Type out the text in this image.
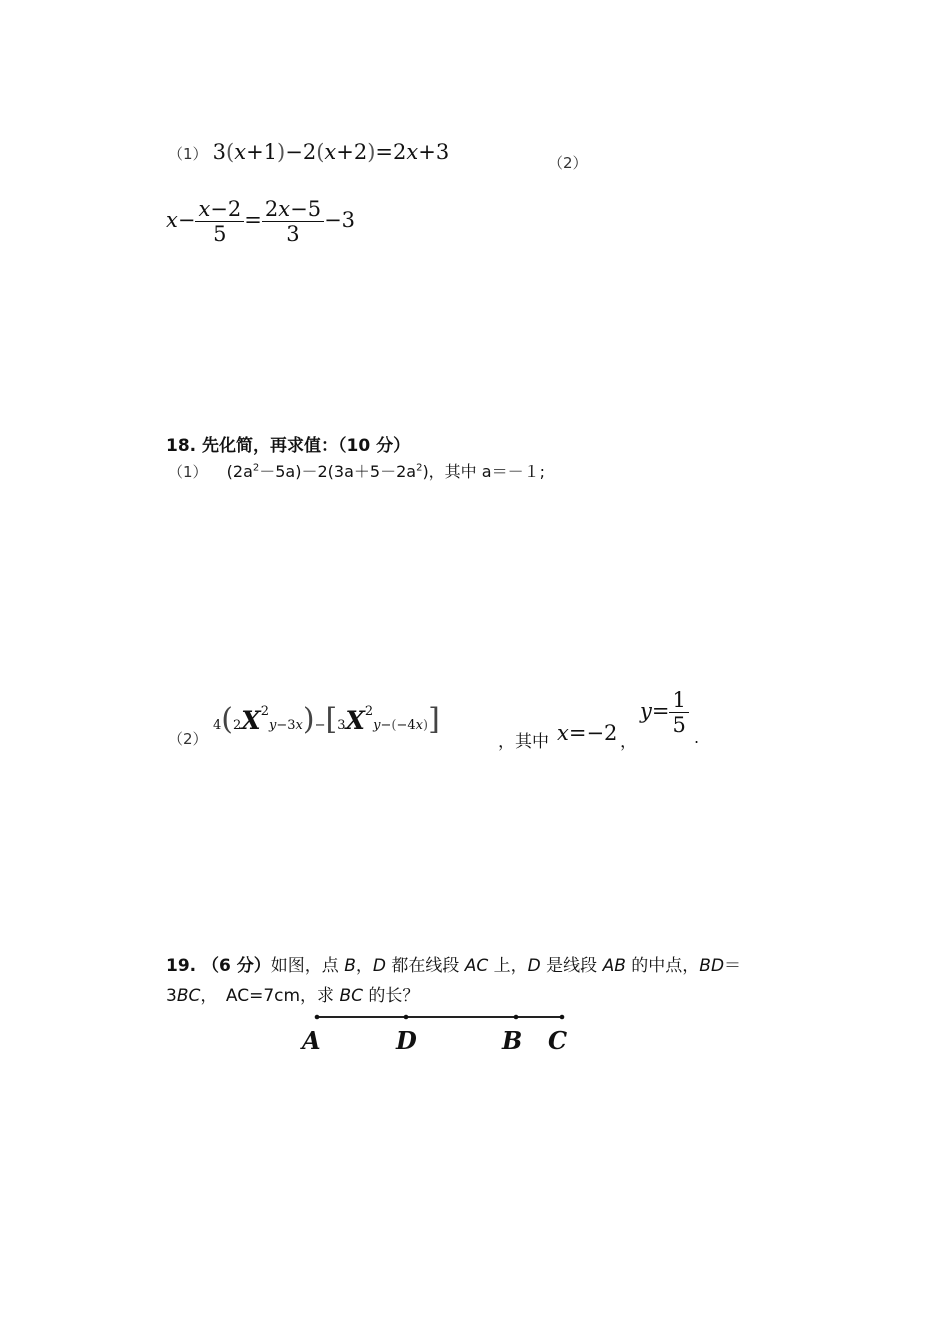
（1） 3(x+1)−2(x+2)=2x+3	（2）
$x- \frac{x-2}{5} = \frac{2x-5}{3} -3$
18. 先化简，再求值：（10 分）
（1） $(2a^2-5a)-2(3a+5-2a^2)$，其中 a＝－１;
（2）
$4(2X^2y-3x)-[3X^2y-(-4x)]$
，其中 x=−2 ，
$y= \frac{1}{5}$
.
19. （6 分）如图，点 B，D 都在线段 AC 上，D 是线段 AB 的中点，BD＝
3BC，　AC=7cm，求 BC 的长？
A	D	B C
